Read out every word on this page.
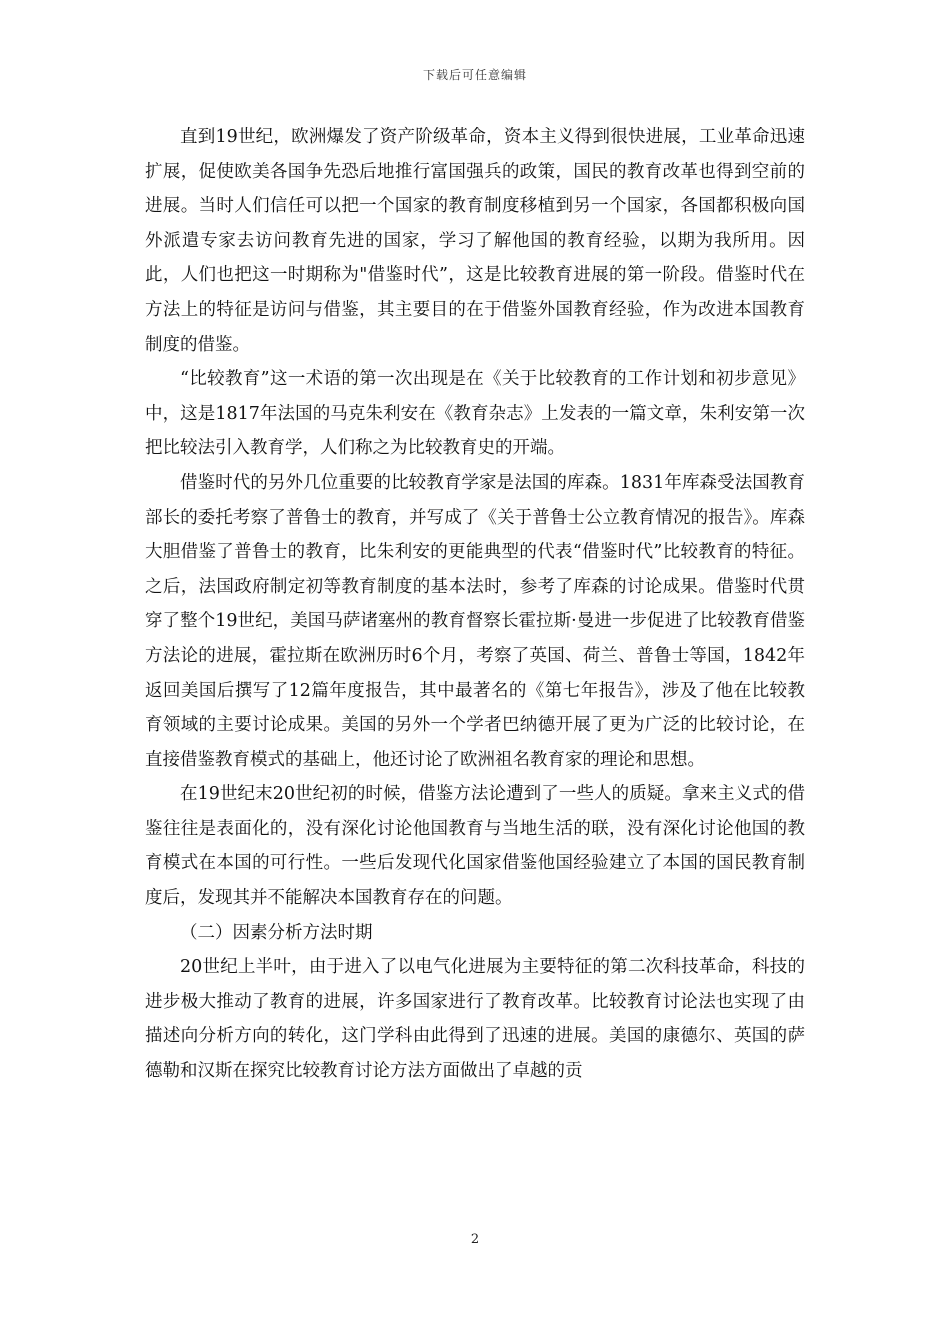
下载后可任意编辑

直到19世纪，欧洲爆发了资产阶级革命，资本主义得到很快进展，工业革命迅速扩展，促使欧美各国争先恐后地推行富国强兵的政策，国民的教育改革也得到空前的进展。当时人们信任可以把一个国家的教育制度移植到另一个国家，各国都积极向国外派遣专家去访问教育先进的国家，学习了解他国的教育经验，以期为我所用。因此，人们也把这一时期称为"借鉴时代”，这是比较教育进展的第一阶段。借鉴时代在方法上的特征是访问与借鉴，其主要目的在于借鉴外国教育经验，作为改进本国教育制度的借鉴。

“比较教育”这一术语的第一次出现是在《关于比较教育的工作计划和初步意见》中，这是1817年法国的马克朱利安在《教育杂志》上发表的一篇文章，朱利安第一次把比较法引入教育学，人们称之为比较教育史的开端。

借鉴时代的另外几位重要的比较教育学家是法国的库森。1831年库森受法国教育部长的委托考察了普鲁士的教育，并写成了《关于普鲁士公立教育情况的报告》。库森大胆借鉴了普鲁士的教育，比朱利安的更能典型的代表“借鉴时代”比较教育的特征。之后，法国政府制定初等教育制度的基本法时，参考了库森的讨论成果。借鉴时代贯穿了整个19世纪，美国马萨诸塞州的教育督察长霍拉斯·曼进一步促进了比较教育借鉴方法论的进展，霍拉斯在欧洲历时6个月，考察了英国、荷兰、普鲁士等国，1842年返回美国后撰写了12篇年度报告，其中最著名的《第七年报告》，涉及了他在比较教育领域的主要讨论成果。美国的另外一个学者巴纳德开展了更为广泛的比较讨论，在直接借鉴教育模式的基础上，他还讨论了欧洲祖名教育家的理论和思想。

在19世纪末20世纪初的时候，借鉴方法论遭到了一些人的质疑。拿来主义式的借鉴往往是表面化的，没有深化讨论他国教育与当地生活的联，没有深化讨论他国的教育模式在本国的可行性。一些后发现代化国家借鉴他国经验建立了本国的国民教育制度后，发现其并不能解决本国教育存在的问题。

（二）因素分析方法时期

20世纪上半叶，由于进入了以电气化进展为主要特征的第二次科技革命，科技的进步极大推动了教育的进展，许多国家进行了教育改革。比较教育讨论法也实现了由描述向分析方向的转化，这门学科由此得到了迅速的进展。美国的康德尔、英国的萨德勒和汉斯在探究比较教育讨论方法方面做出了卓越的贡

2
